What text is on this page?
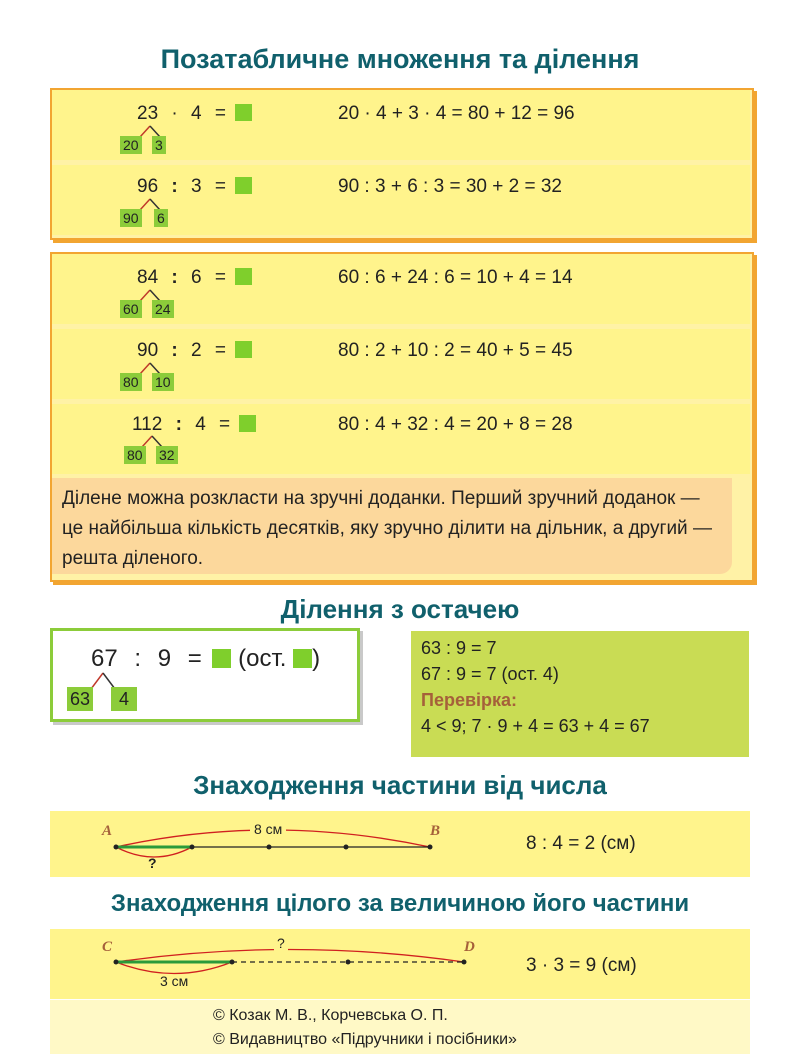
Позатабличне множення та ділення
23 · 4 =
20 3
20 · 4 + 3 · 4 = 80 + 12 = 96
96 : 3 =
90 6
90 : 3 + 6 : 3 = 30 + 2 = 32
84 : 6 =
60 24
60 : 6 + 24 : 6 = 10 + 4 = 14
90 : 2 =
80 10
80 : 2 + 10 : 2 = 40 + 5 = 45
112 : 4 =
80 32
80 : 4 + 32 : 4 = 20 + 8 = 28
Ділене можна розкласти на зручні доданки. Перший зручний доданок — це найбільша кількість десятків, яку зручно ділити на дільник, а другий — решта діленого.
Ділення з остачею
67 : 9 = (ост. )
63	4
63 : 9 = 7
67 : 9 = 7 (ост. 4)
Перевірка:
4 < 9; 7 · 9 + 4 = 63 + 4 = 67
Знаходження частини від числа
A	B
8 см
?
8 : 4 = 2 (см)
Знаходження цілого за величиною його частини
C	D
?
3 см
3 · 3 = 9 (см)
© Козак М. В., Корчевська О. П.
© Видавництво «Підручники і посібники»
